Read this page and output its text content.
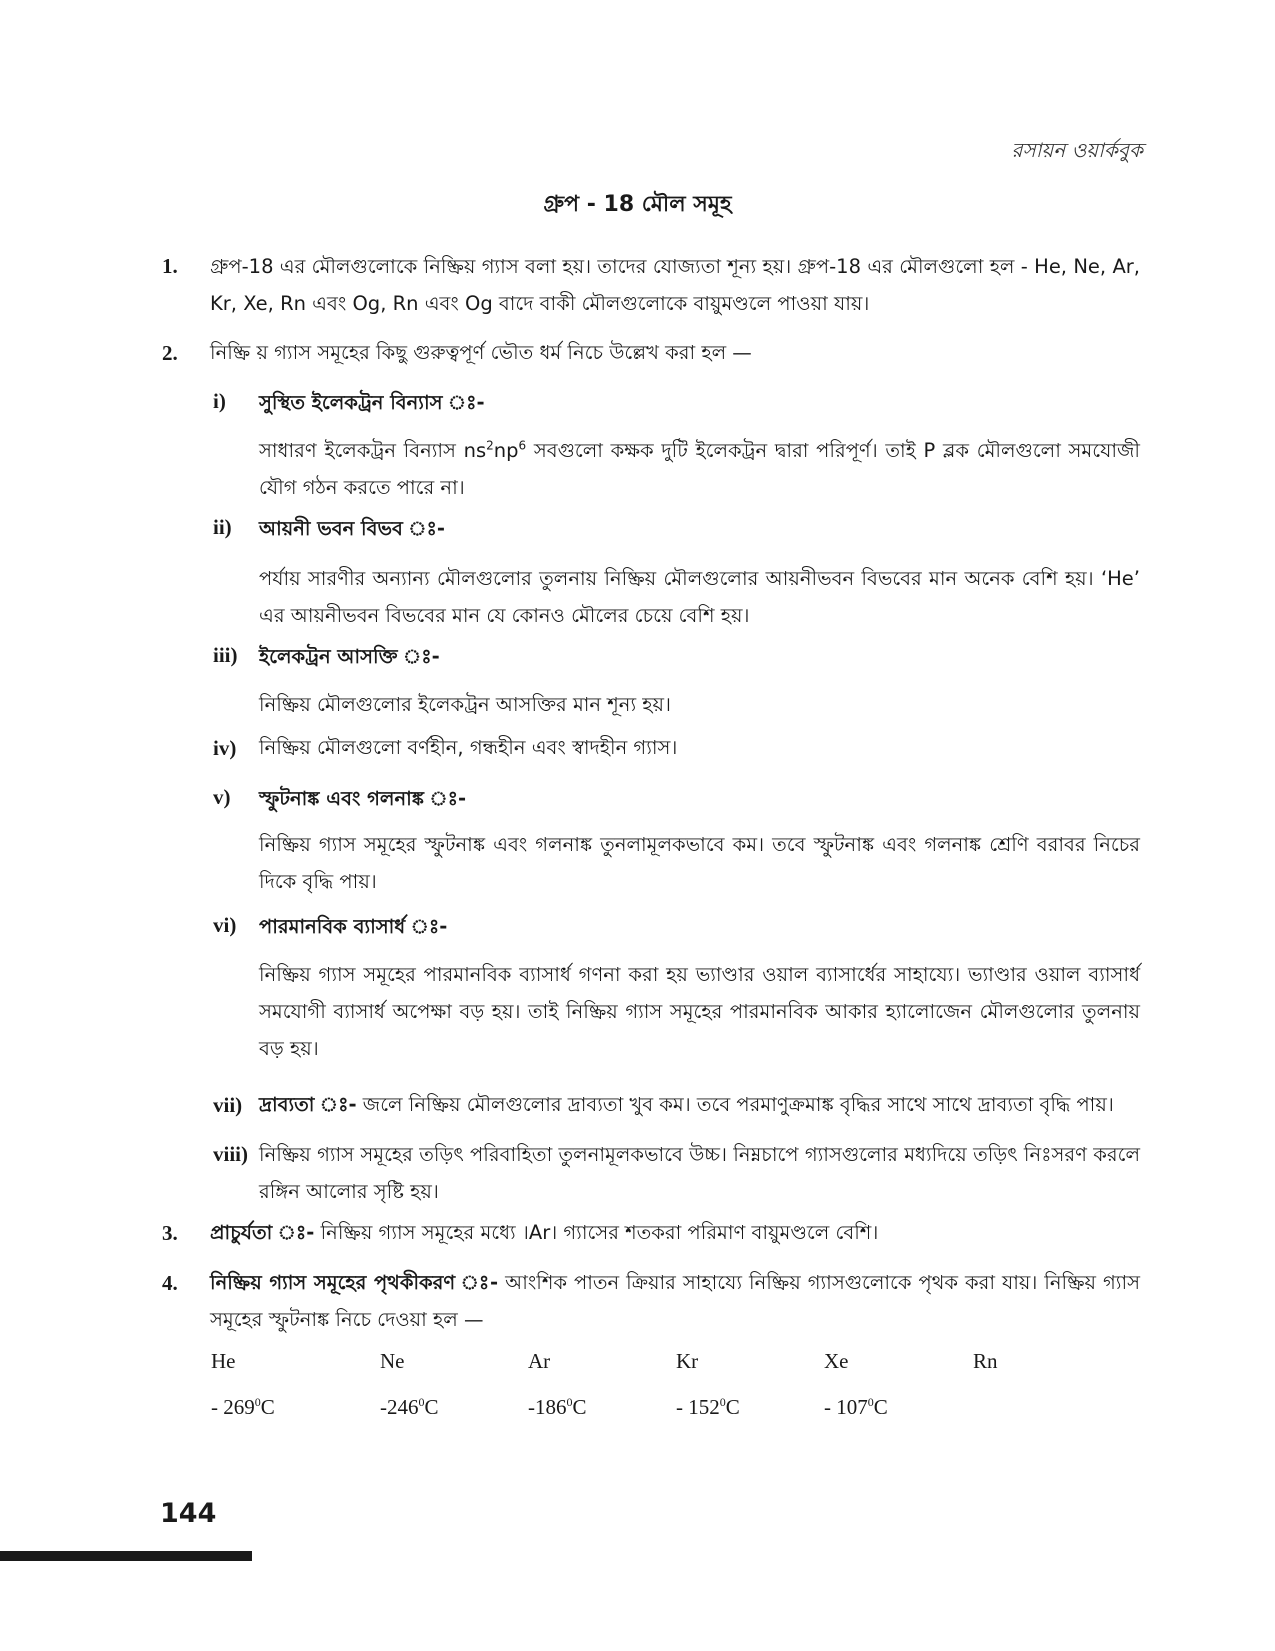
রসায়ন ওয়ার্কবুক
গ্রুপ - 18 মৌল সমূহ
1. গ্রুপ-18 এর মৌলগুলোকে নিষ্ক্রিয় গ্যাস বলা হয়। তাদের যোজ্যতা শূন্য হয়। গ্রুপ-18 এর মৌলগুলো হল - He, Ne, Ar, Kr, Xe, Rn এবং Og, Rn এবং Og বাদে বাকী মৌলগুলোকে বায়ুমণ্ডলে পাওয়া যায়।
2. নিষ্ক্রি য় গ্যাস সমূহের কিছু গুরুত্বপূর্ণ ভৌত ধর্ম নিচে উল্লেখ করা হল —
i) সুস্থিত ইলেকট্রন বিন্যাস ঃ-
সাধারণ ইলেকট্রন বিন্যাস $ns^2np^6$ সবগুলো কক্ষক দুটি ইলেকট্রন দ্বারা পরিপূর্ণ। তাই P ব্লক মৌলগুলো সমযোজী যৌগ গঠন করতে পারে না।
ii) আয়নী ভবন বিভব ঃ-
পর্যায় সারণীর অন্যান্য মৌলগুলোর তুলনায় নিষ্ক্রিয় মৌলগুলোর আয়নীভবন বিভবের মান অনেক বেশি হয়। ‘He’ এর আয়নীভবন বিভবের মান যে কোনও মৌলের চেয়ে বেশি হয়।
iii) ইলেকট্রন আসক্তি ঃ-
নিষ্ক্রিয় মৌলগুলোর ইলেকট্রন আসক্তির মান শূন্য হয়।
iv) নিষ্ক্রিয় মৌলগুলো বর্ণহীন, গন্ধহীন এবং স্বাদহীন গ্যাস।
v) স্ফুটনাঙ্ক এবং গলনাঙ্ক ঃ-
নিষ্ক্রিয় গ্যাস সমূহের স্ফুটনাঙ্ক এবং গলনাঙ্ক তুনলামূলকভাবে কম। তবে স্ফুটনাঙ্ক এবং গলনাঙ্ক শ্রেণি বরাবর নিচের দিকে বৃদ্ধি পায়।
vi) পারমানবিক ব্যাসার্ধ ঃ-
নিষ্ক্রিয় গ্যাস সমূহের পারমানবিক ব্যাসার্ধ গণনা করা হয় ভ্যাণ্ডার ওয়াল ব্যাসার্ধের সাহায্যে। ভ্যাণ্ডার ওয়াল ব্যাসার্ধ সমযোগী ব্যাসার্ধ অপেক্ষা বড় হয়। তাই নিষ্ক্রিয় গ্যাস সমূহের পারমানবিক আকার হ্যালোজেন মৌলগুলোর তুলনায় বড় হয়।
vii) দ্রাব্যতা ঃ- জলে নিষ্ক্রিয় মৌলগুলোর দ্রাব্যতা খুব কম। তবে পরমাণুক্রমাঙ্ক বৃদ্ধির সাথে সাথে দ্রাব্যতা বৃদ্ধি পায়।
viii) নিষ্ক্রিয় গ্যাস সমূহের তড়িৎ পরিবাহিতা তুলনামূলকভাবে উচ্চ। নিম্নচাপে গ্যাসগুলোর মধ্যদিয়ে তড়িৎ নিঃসরণ করলে রঙ্গিন আলোর সৃষ্টি হয়।
3. প্রাচুর্যতা ঃ- নিষ্ক্রিয় গ্যাস সমূহের মধ্যে ।Ar। গ্যাসের শতকরা পরিমাণ বায়ুমণ্ডলে বেশি।
4. নিষ্ক্রিয় গ্যাস সমূহের পৃথকীকরণ ঃ- আংশিক পাতন ক্রিয়ার সাহায্যে নিষ্ক্রিয় গ্যাসগুলোকে পৃথক করা যায়। নিষ্ক্রিয় গ্যাস সমূহের স্ফুটনাঙ্ক নিচে দেওয়া হল —
He	Ne	Ar	Kr	Xe	Rn
- $269^0C$	$-246^0C$	$-186^0C$	- $152^0C$	- $107^0C$
144
